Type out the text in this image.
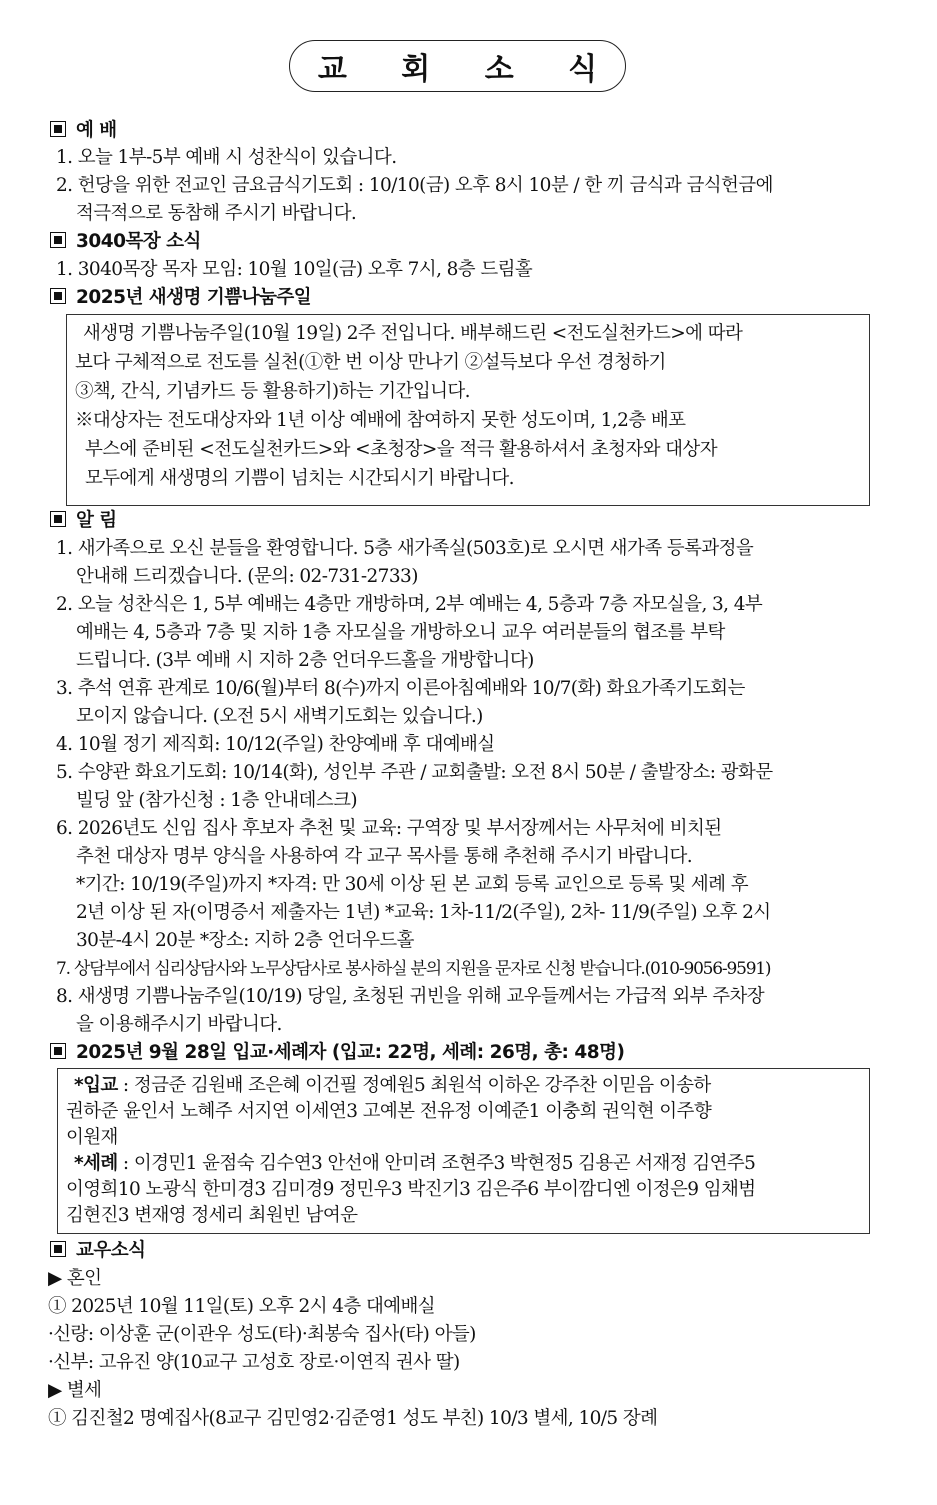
교 회 소 식
예 배
1. 오늘 1부-5부 예배 시 성찬식이 있습니다.
2. 헌당을 위한 전교인 금요금식기도회 : 10/10(금) 오후 8시 10분 / 한 끼 금식과 금식헌금에
적극적으로 동참해 주시기 바랍니다.
3040목장 소식
1. 3040목장 목자 모임: 10월 10일(금) 오후 7시, 8층 드림홀
2025년 새생명 기쁨나눔주일
새생명 기쁨나눔주일(10월 19일) 2주 전입니다. 배부해드린 <전도실천카드>에 따라
보다 구체적으로 전도를 실천(①한 번 이상 만나기 ②설득보다 우선 경청하기
③책, 간식, 기념카드 등 활용하기)하는 기간입니다.
※대상자는 전도대상자와 1년 이상 예배에 참여하지 못한 성도이며, 1,2층 배포
부스에 준비된 <전도실천카드>와 <초청장>을 적극 활용하셔서 초청자와 대상자
모두에게 새생명의 기쁨이 넘치는 시간되시기 바랍니다.
알 림
1. 새가족으로 오신 분들을 환영합니다. 5층 새가족실(503호)로 오시면 새가족 등록과정을
안내해 드리겠습니다. (문의: 02-731-2733)
2. 오늘 성찬식은 1, 5부 예배는 4층만 개방하며, 2부 예배는 4, 5층과 7층 자모실을, 3, 4부
예배는 4, 5층과 7층 및 지하 1층 자모실을 개방하오니 교우 여러분들의 협조를 부탁
드립니다. (3부 예배 시 지하 2층 언더우드홀을 개방합니다)
3. 추석 연휴 관계로 10/6(월)부터 8(수)까지 이른아침예배와 10/7(화) 화요가족기도회는
모이지 않습니다. (오전 5시 새벽기도회는 있습니다.)
4. 10월 정기 제직회: 10/12(주일) 찬양예배 후 대예배실
5. 수양관 화요기도회: 10/14(화), 성인부 주관 / 교회출발: 오전 8시 50분 / 출발장소: 광화문
빌딩 앞 (참가신청 : 1층 안내데스크)
6. 2026년도 신임 집사 후보자 추천 및 교육: 구역장 및 부서장께서는 사무처에 비치된
추천 대상자 명부 양식을 사용하여 각 교구 목사를 통해 추천해 주시기 바랍니다.
*기간: 10/19(주일)까지 *자격: 만 30세 이상 된 본 교회 등록 교인으로 등록 및 세례 후
2년 이상 된 자(이명증서 제출자는 1년) *교육: 1차-11/2(주일), 2차- 11/9(주일) 오후 2시
30분-4시 20분 *장소: 지하 2층 언더우드홀
7. 상담부에서 심리상담사와 노무상담사로 봉사하실 분의 지원을 문자로 신청 받습니다.(010-9056-9591)
8. 새생명 기쁨나눔주일(10/19) 당일, 초청된 귀빈을 위해 교우들께서는 가급적 외부 주차장
을 이용해주시기 바랍니다.
2025년 9월 28일 입교·세례자 (입교: 22명, 세례: 26명, 총: 48명)
*입교 : 정금준 김원배 조은혜 이건필 정예원5 최원석 이하온 강주찬 이믿음 이송하
권하준 윤인서 노혜주 서지연 이세연3 고예본 전유정 이예준1 이충희 권익현 이주향
이원재
*세례 : 이경민1 윤점숙 김수연3 안선애 안미려 조현주3 박현정5 김용곤 서재정 김연주5
이영희10 노광식 한미경3 김미경9 정민우3 박진기3 김은주6 부이깜디엔 이정은9 임채범
김현진3 변재영 정세리 최원빈 남여운
교우소식
▶ 혼인
① 2025년 10월 11일(토) 오후 2시 4층 대예배실
·신랑: 이상훈 군(이관우 성도(타)·최봉숙 집사(타) 아들)
·신부: 고유진 양(10교구 고성호 장로·이연직 권사 딸)
▶ 별세
① 김진철2 명예집사(8교구 김민영2·김준영1 성도 부친) 10/3 별세, 10/5 장례
